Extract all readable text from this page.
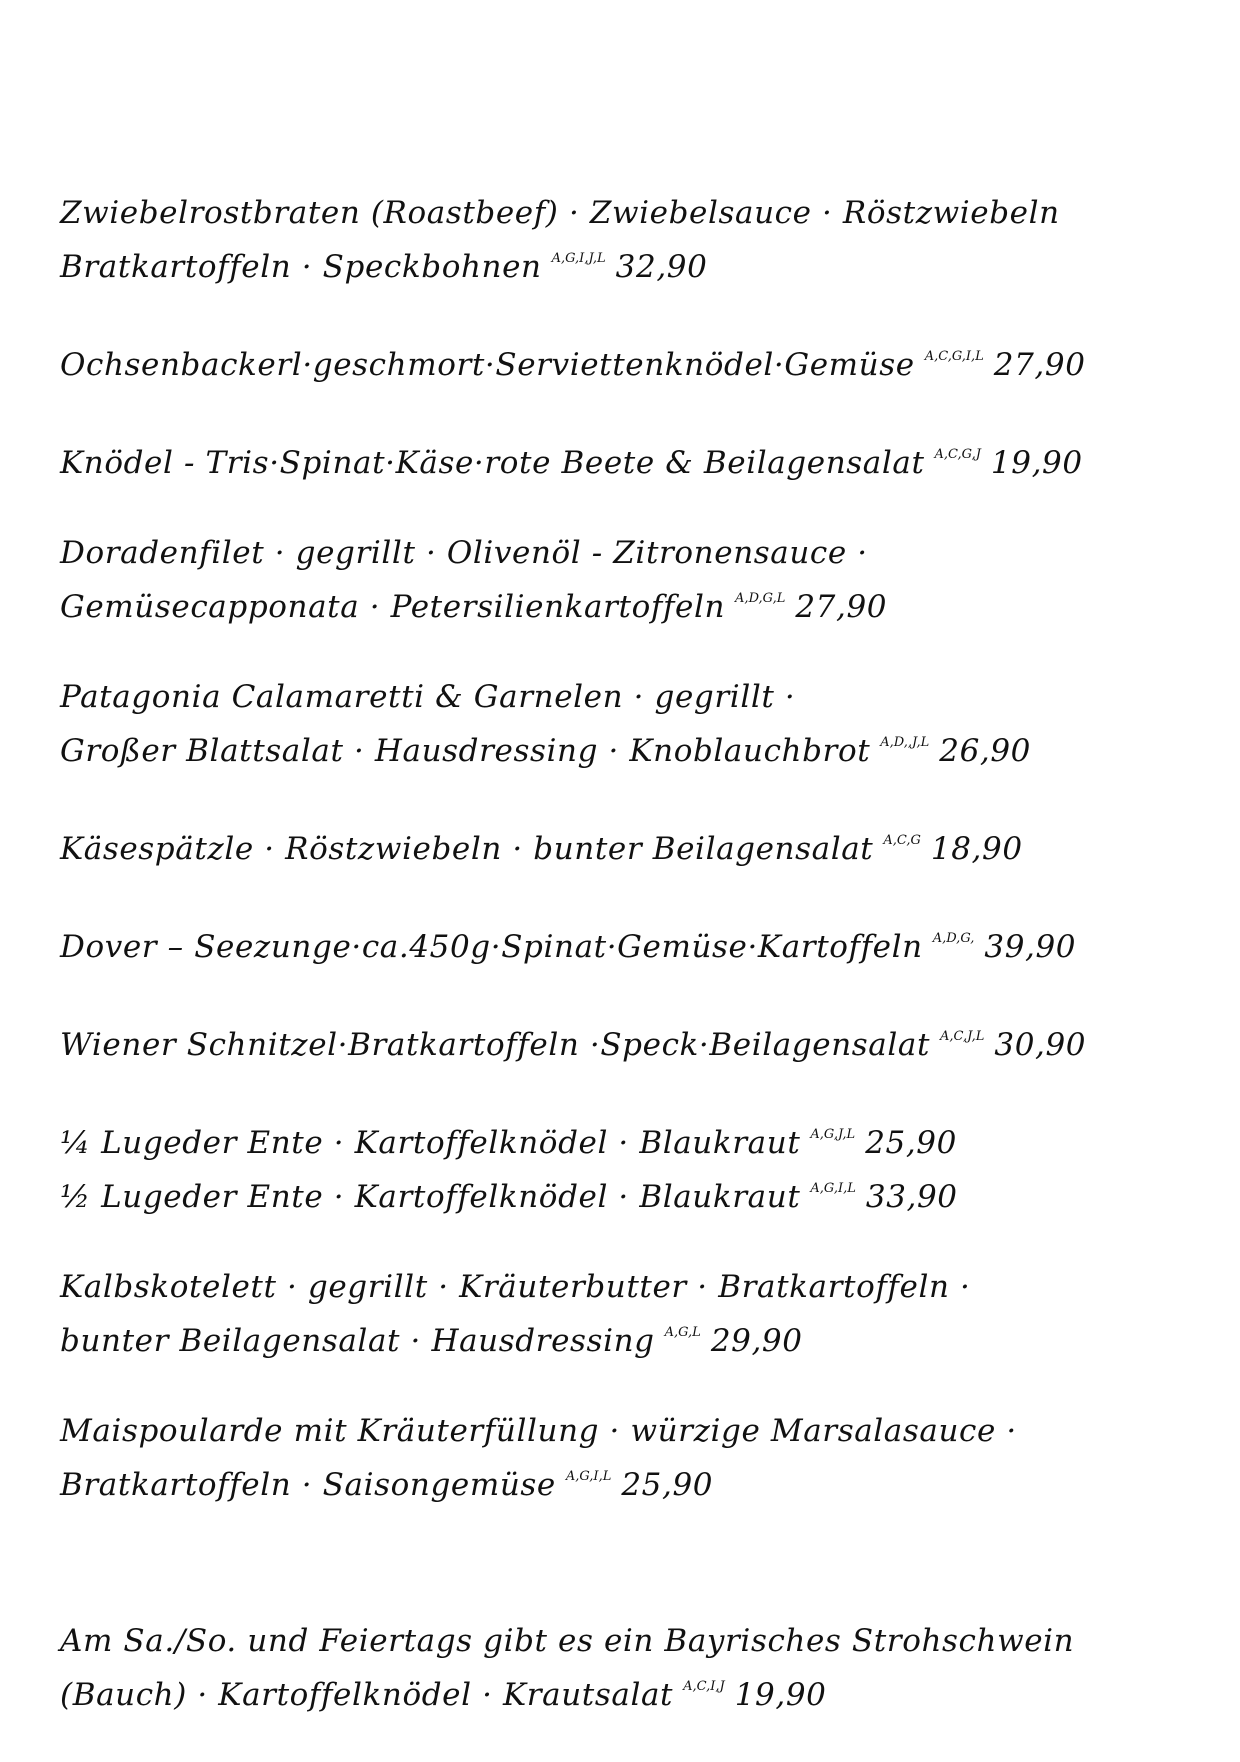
Zwiebelrostbraten (Roastbeef) · Zwiebelsauce · Röstzwiebeln
Bratkartoffeln · Speckbohnen $^{A,G,I,J,L}$ 32,90
Ochsenbackerl·geschmort·Serviettenknödel·Gemüse $^{A,C,G,I,L}$ 27,90
Knödel - Tris·Spinat·Käse·rote Beete & Beilagensalat $^{A,C,G,J}$ 19,90
Doradenfilet · gegrillt · Olivenöl - Zitronensauce ·
Gemüsecapponata · Petersilienkartoffeln $^{A,D,G,L}$ 27,90
Patagonia Calamaretti & Garnelen · gegrillt ·
Großer Blattsalat · Hausdressing · Knoblauchbrot $^{A,D,,J,L}$ 26,90
Käsespätzle · Röstzwiebeln · bunter Beilagensalat $^{A,C,G}$ 18,90
Dover – Seezunge·ca.450g·Spinat·Gemüse·Kartoffeln $^{A,D,G,}$ 39,90
Wiener Schnitzel·Bratkartoffeln ·Speck·Beilagensalat $^{A,C,J,L}$ 30,90
¼ Lugeder Ente · Kartoffelknödel · Blaukraut $^{A,G,J,L}$ 25,90
½ Lugeder Ente · Kartoffelknödel · Blaukraut $^{A,G,I,L}$ 33,90
Kalbskotelett · gegrillt · Kräuterbutter · Bratkartoffeln ·
bunter Beilagensalat · Hausdressing $^{A,G,L}$ 29,90
Maispoularde mit Kräuterfüllung · würzige Marsalasauce ·
Bratkartoffeln · Saisongemüse $^{A,G,I,L}$ 25,90
Am Sa./So. und Feiertags gibt es ein Bayrisches Strohschwein
(Bauch) · Kartoffelknödel · Krautsalat $^{A,C,I,J}$ 19,90
